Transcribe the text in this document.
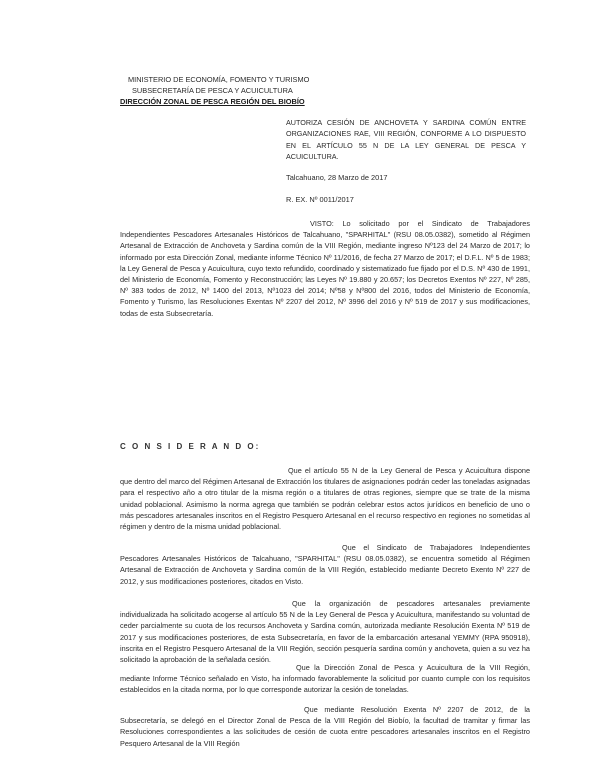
MINISTERIO DE ECONOMÍA, FOMENTO Y TURISMO
SUBSECRETARÍA DE PESCA Y ACUICULTURA
DIRECCIÓN ZONAL DE PESCA REGIÓN DEL BIOBÍO
AUTORIZA CESIÓN DE ANCHOVETA Y SARDINA COMÚN ENTRE ORGANIZACIONES RAE, VIII REGIÓN, CONFORME A LO DISPUESTO EN EL ARTÍCULO 55 N DE LA LEY GENERAL DE PESCA Y ACUICULTURA.
Talcahuano, 28 Marzo de 2017
R. EX. Nº 0011/2017
VISTO: Lo solicitado por el Sindicato de Trabajadores Independientes Pescadores Artesanales Históricos de Talcahuano, "SPARHITAL" (RSU 08.05.0382), sometido al Régimen Artesanal de Extracción de Anchoveta y Sardina común de la VIII Región, mediante ingreso Nº123 del 24 Marzo de 2017; lo informado por esta Dirección Zonal, mediante informe Técnico Nº 11/2016, de fecha 27 Marzo de 2017; el D.F.L. Nº 5 de 1983; la Ley General de Pesca y Acuicultura, cuyo texto refundido, coordinado y sistematizado fue fijado por el D.S. Nº 430 de 1991, del Ministerio de Economía, Fomento y Reconstrucción; las Leyes Nº 19.880 y 20.657; los Decretos Exentos Nº 227, Nº 285, Nº 383 todos de 2012, Nº 1400 del 2013, Nº1023 del 2014; Nº58 y Nº800 del 2016, todos del Ministerio de Economía, Fomento y Turismo, las Resoluciones Exentas Nº 2207 del 2012, Nº 3996 del 2016 y Nº 519 de 2017 y sus modificaciones, todas de esta Subsecretaría.
C O N S I D E R A N D O:
Que el artículo 55 N de la Ley General de Pesca y Acuicultura dispone que dentro del marco del Régimen Artesanal de Extracción los titulares de asignaciones podrán ceder las toneladas asignadas para el respectivo año a otro titular de la misma región o a titulares de otras regiones, siempre que se trate de la misma unidad poblacional. Asimismo la norma agrega que también se podrán celebrar estos actos jurídicos en beneficio de uno o más pescadores artesanales inscritos en el Registro Pesquero Artesanal en el recurso respectivo en regiones no sometidas al régimen y dentro de la misma unidad poblacional.
Que el Sindicato de Trabajadores Independientes Pescadores Artesanales Históricos de Talcahuano, "SPARHITAL" (RSU 08.05.0382), se encuentra sometido al Régimen Artesanal de Extracción de Anchoveta y Sardina común de la VIII Región, establecido mediante Decreto Exento Nº 227 de 2012, y sus modificaciones posteriores, citados en Visto.
Que la organización de pescadores artesanales previamente individualizada ha solicitado acogerse al artículo 55 N de la Ley General de Pesca y Acuicultura, manifestando su voluntad de ceder parcialmente su cuota de los recursos Anchoveta y Sardina común, autorizada mediante Resolución Exenta Nº 519 de 2017 y sus modificaciones posteriores, de esta Subsecretaría, en favor de la embarcación artesanal YEMMY (RPA 950918), inscrita en el Registro Pesquero Artesanal de la VIII Región, sección pesquería sardina común y anchoveta, quien a su vez ha solicitado la aprobación de la señalada cesión.
Que la Dirección Zonal de Pesca y Acuicultura de la VIII Región, mediante Informe Técnico señalado en Visto, ha informado favorablemente la solicitud por cuanto cumple con los requisitos establecidos en la citada norma, por lo que corresponde autorizar la cesión de toneladas.
Que mediante Resolución Exenta Nº 2207 de 2012, de la Subsecretaría, se delegó en el Director Zonal de Pesca de la VIII Región del Biobío, la facultad de tramitar y firmar las Resoluciones correspondientes a las solicitudes de cesión de cuota entre pescadores artesanales inscritos en el Registro Pesquero Artesanal de la VIII Región
